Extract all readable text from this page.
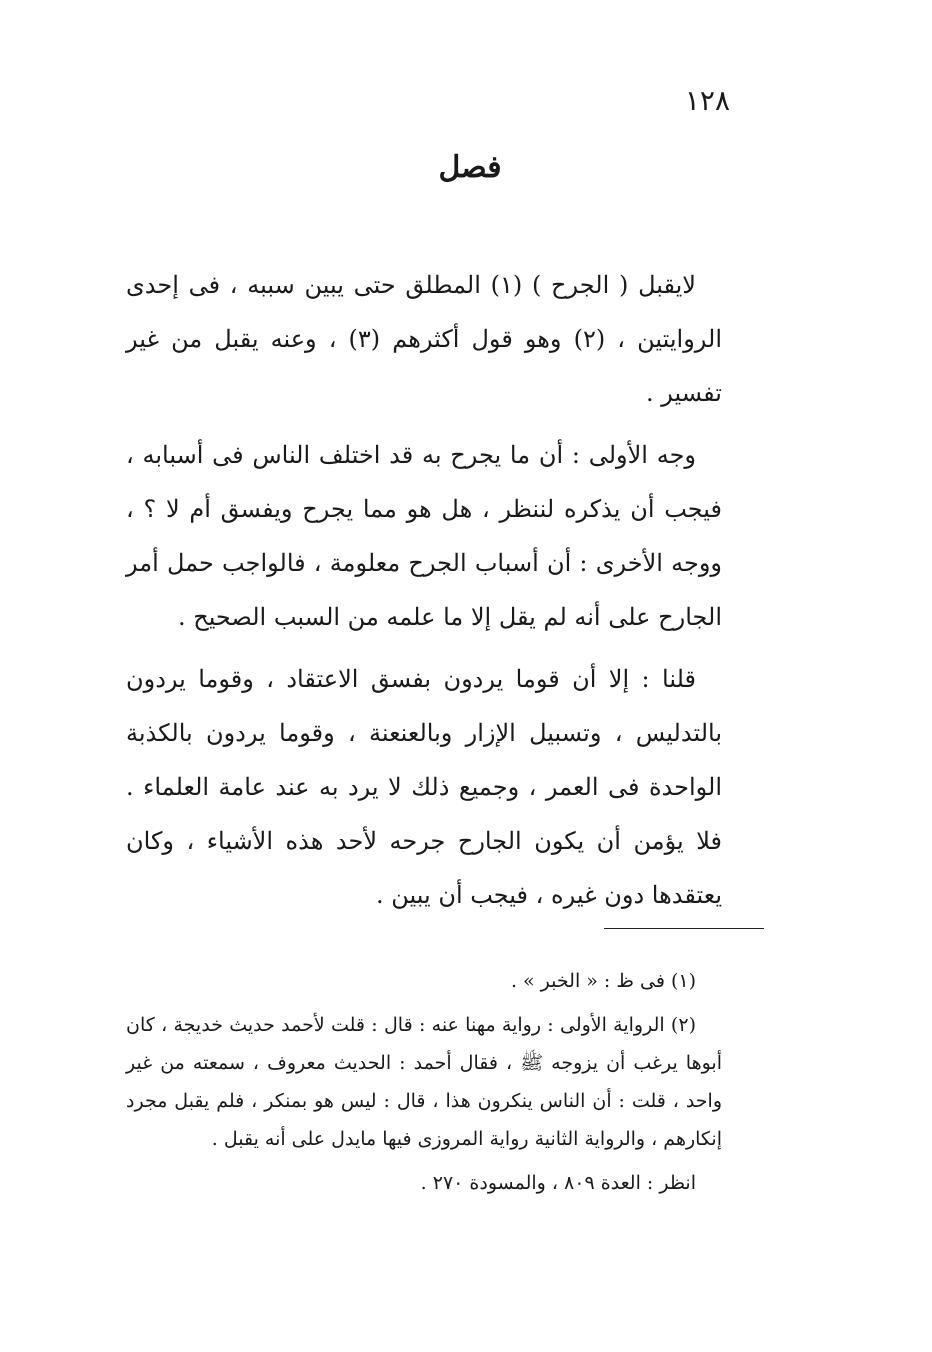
١٢٨
فصل

لايقبل ( الجرح ) (١) المطلق حتى يبين سببه ، فى إحدى الروايتين ، (٢) وهو قول أكثرهم (٣) ، وعنه يقبل من غير تفسير .

وجه الأولى : أن ما يجرح به قد اختلف الناس فى أسبابه ، فيجب أن يذكره لننظر ، هل هو مما يجرح ويفسق أم لا ؟ ، ووجه الأخرى : أن أسباب الجرح معلومة ، فالواجب حمل أمر الجارح على أنه لم يقل إلا ما علمه من السبب الصحيح .

قلنا : إلا أن قوما يردون بفسق الاعتقاد ، وقوما يردون بالتدليس ، وتسبيل الإزار وبالعنعنة ، وقوما يردون بالكذبة الواحدة فى العمر ، وجميع ذلك لا يرد به عند عامة العلماء . فلا يؤمن أن يكون الجارح جرحه لأحد هذه الأشياء ، وكان يعتقدها دون غيره ، فيجب أن يبين .

(١) فى ظ : « الخبر » .

(٢) الرواية الأولى : رواية مهنا عنه : قال : قلت لأحمد حديث خديجة ، كان أبوها يرغب أن يزوجه ﷺ ، فقال أحمد : الحديث معروف ، سمعته من غير واحد ، قلت : أن الناس ينكرون هذا ، قال : ليس هو بمنكر ، فلم يقبل مجرد إنكارهم ، والرواية الثانية رواية المروزى فيها مايدل على أنه يقبل .

انظر : العدة ٨٠٩ ، والمسودة ٢٧٠ .
